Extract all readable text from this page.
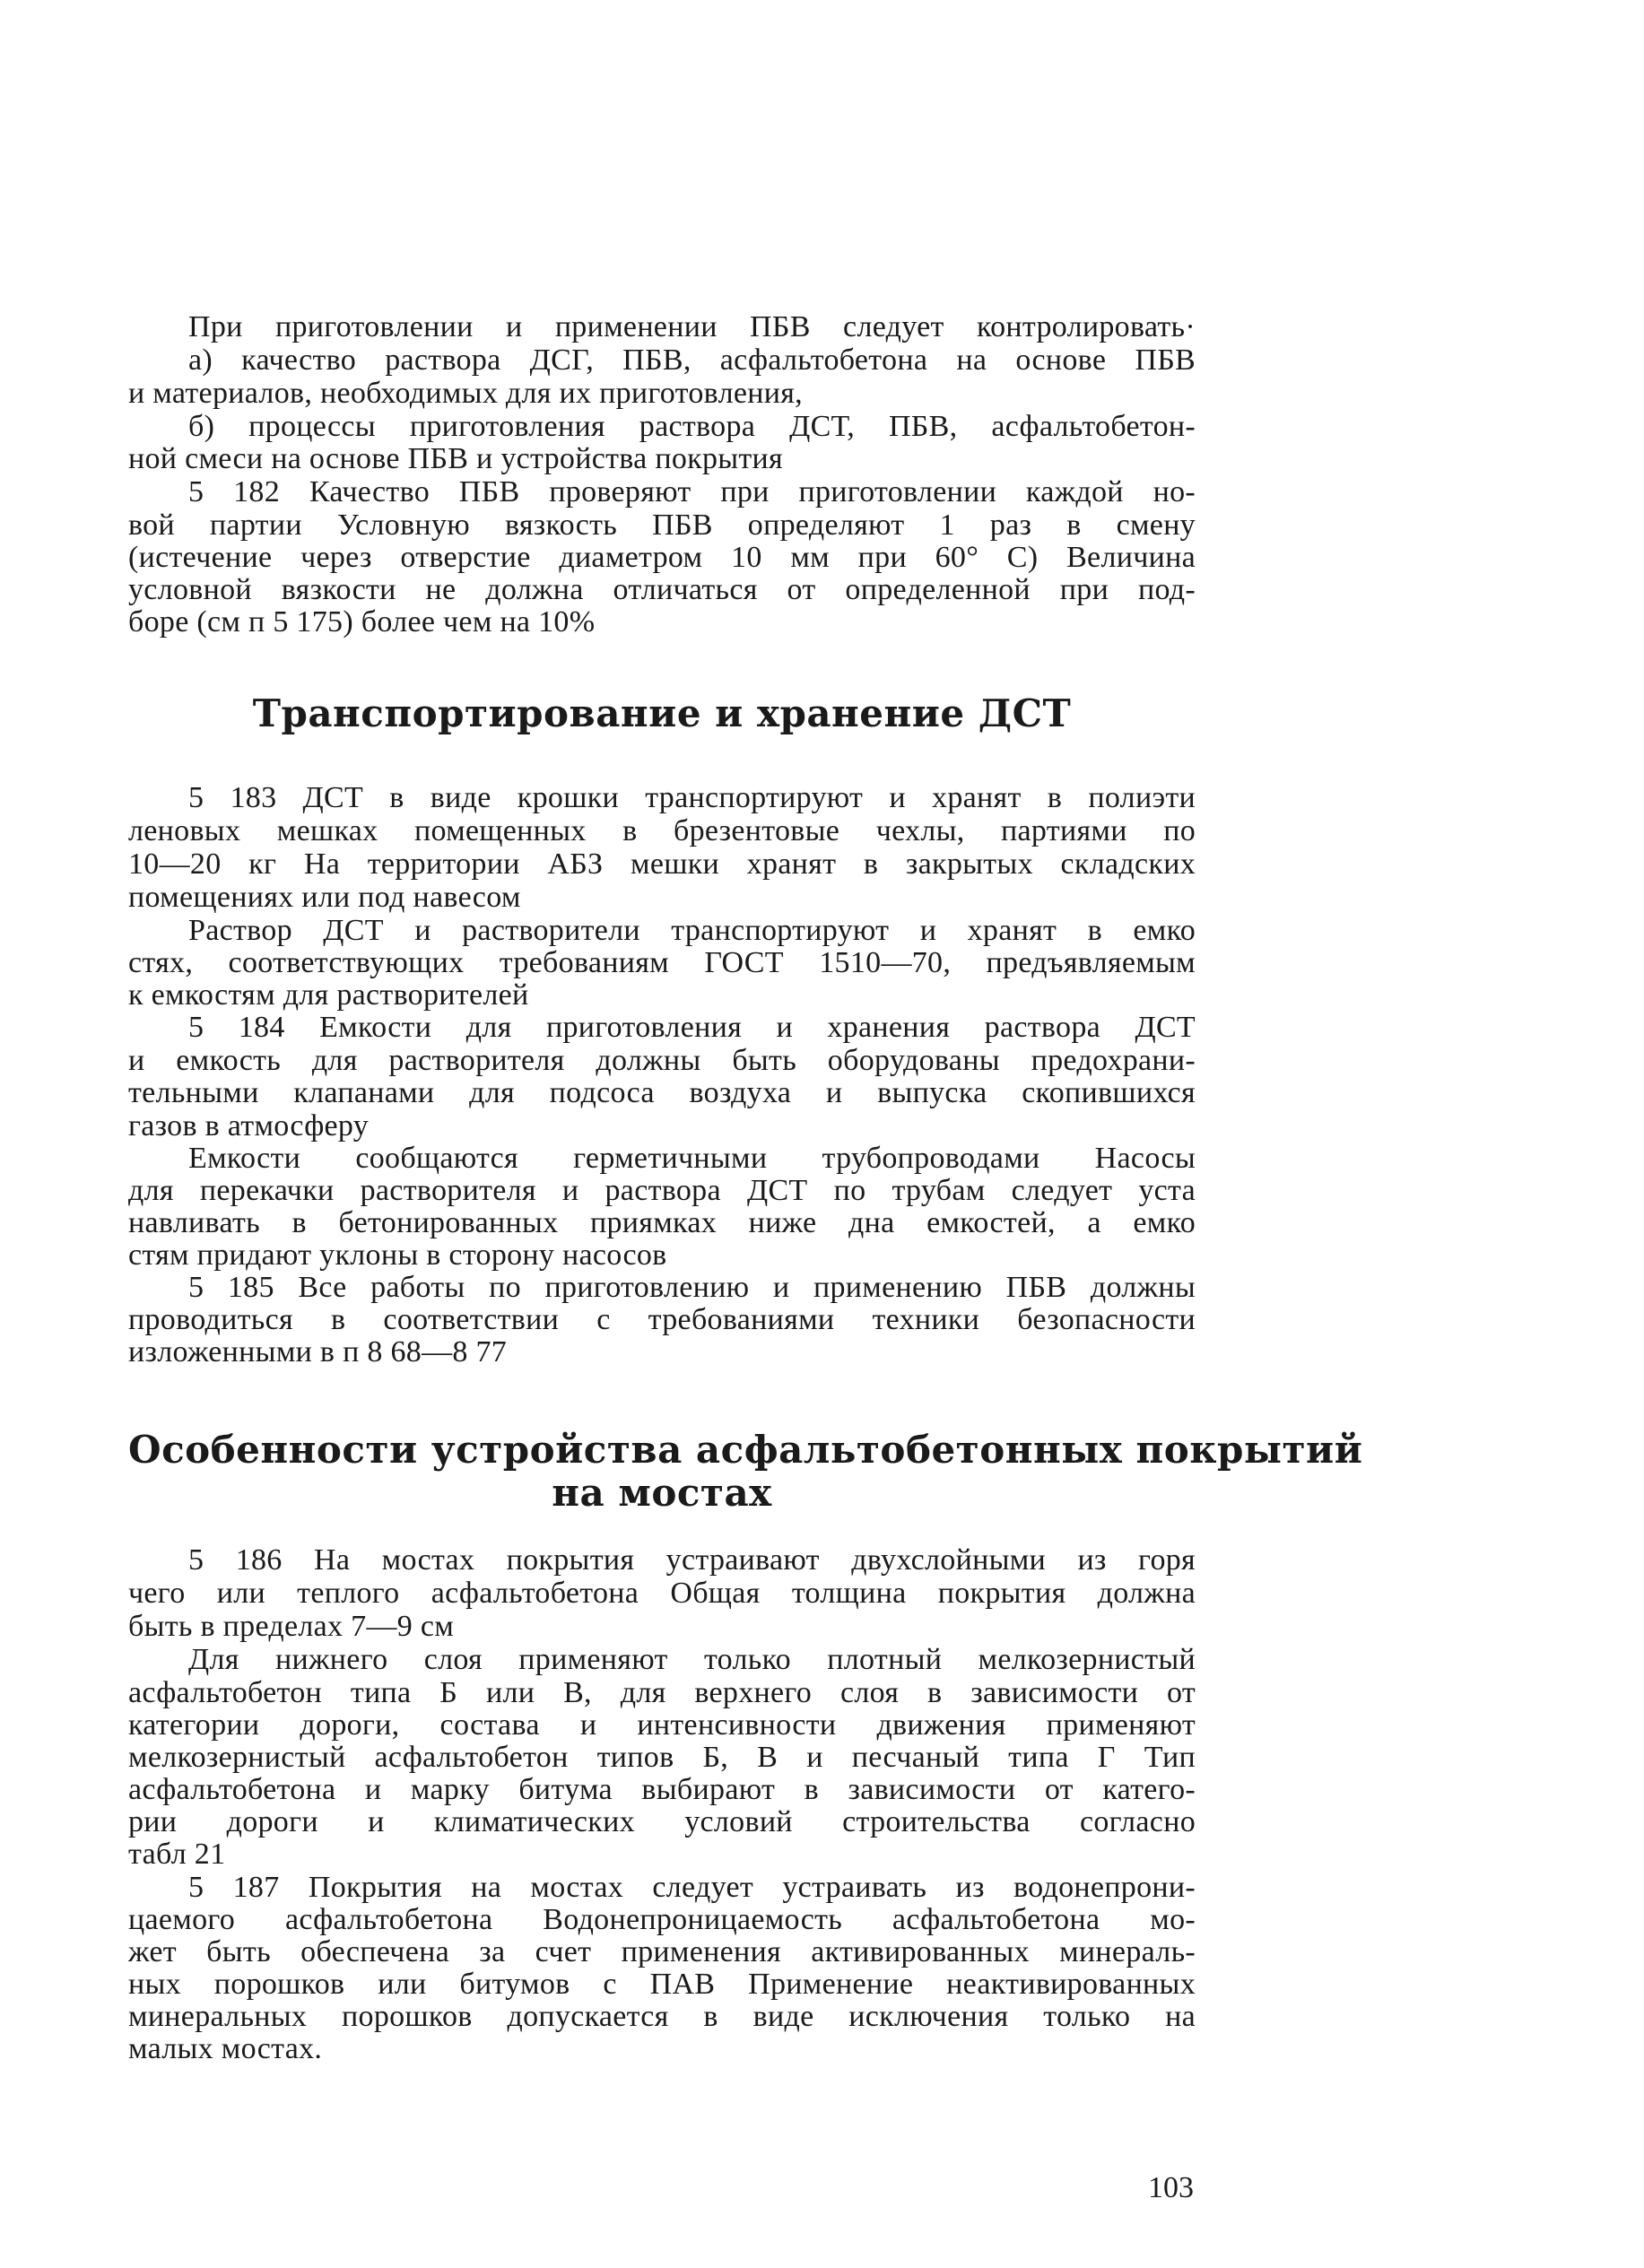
При приготовлении и применении ПБВ следует контролировать·
а) качество раствора ДСГ, ПБВ, асфальтобетона на основе ПБВ
и материалов, необходимых для их приготовления,
б) процессы приготовления раствора ДСТ, ПБВ, асфальтобетон-
ной смеси на основе ПБВ и устройства покрытия
5 182 Качество ПБВ проверяют при приготовлении каждой но-
вой партии Условную вязкость ПБВ определяют 1 раз в смену
(истечение через отверстие диаметром 10 мм при 60° С) Величина
условной вязкости не должна отличаться от определенной при под-
боре (см п 5 175) более чем на 10%
Транспортирование и хранение ДСТ
5 183 ДСТ в виде крошки транспортируют и хранят в полиэти
леновых мешках помещенных в брезентовые чехлы, партиями по
10—20 кг На территории АБЗ мешки хранят в закрытых складских
помещениях или под навесом
Раствор ДСТ и растворители транспортируют и хранят в емко
стях, соответствующих требованиям ГОСТ 1510—70, предъявляемым
к емкостям для растворителей
5 184 Емкости для приготовления и хранения раствора ДСТ
и емкость для растворителя должны быть оборудованы предохрани-
тельными клапанами для подсоса воздуха и выпуска скопившихся
газов в атмосферу
Емкости сообщаются герметичными трубопроводами Насосы
для перекачки растворителя и раствора ДСТ по трубам следует уста
навливать в бетонированных приямках ниже дна емкостей, а емко
стям придают уклоны в сторону насосов
5 185 Все работы по приготовлению и применению ПБВ должны
проводиться в соответствии с требованиями техники безопасности
изложенными в п 8 68—8 77
Особенности устройства асфальтобетонных покрытий
на мостах
5 186 На мостах покрытия устраивают двухслойными из горя
чего или теплого асфальтобетона Общая толщина покрытия должна
быть в пределах 7—9 см
Для нижнего слоя применяют только плотный мелкозернистый
асфальтобетон типа Б или В, для верхнего слоя в зависимости от
категории дороги, состава и интенсивности движения применяют
мелкозернистый асфальтобетон типов Б, В и песчаный типа Г Тип
асфальтобетона и марку битума выбирают в зависимости от катего-
рии дороги и климатических условий строительства согласно
табл 21
5 187 Покрытия на мостах следует устраивать из водонепрони-
цаемого асфальтобетона Водонепроницаемость асфальтобетона мо-
жет быть обеспечена за счет применения активированных минераль-
ных порошков или битумов с ПАВ Применение неактивированных
минеральных порошков допускается в виде исключения только на
малых мостах.
103
